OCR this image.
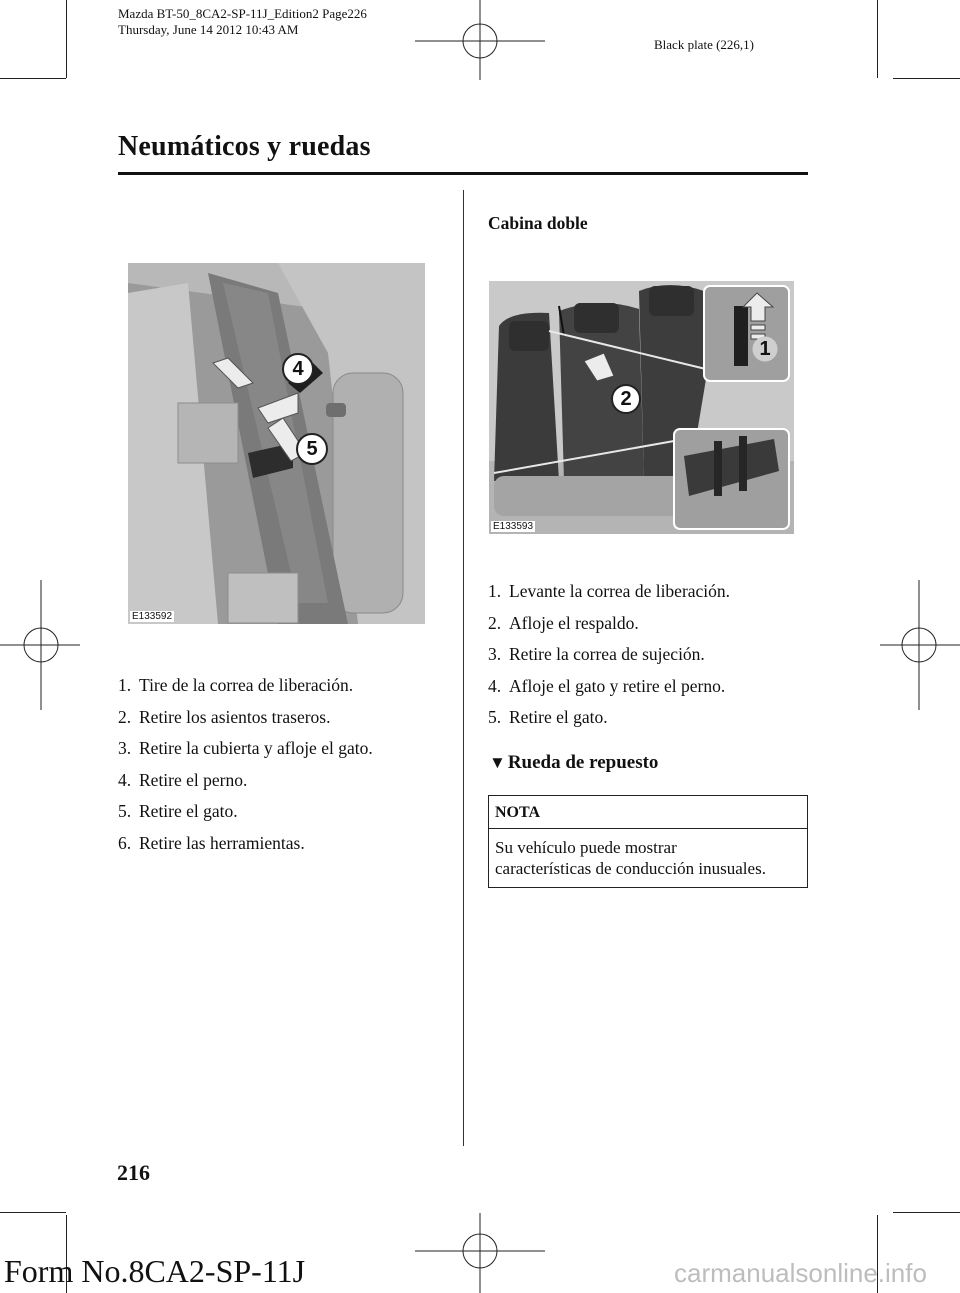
Mazda BT-50_8CA2-SP-11J_Edition2 Page226
Thursday, June 14 2012 10:43 AM
Black plate (226,1)
Neumáticos y ruedas
4
5
E133592
1. Tire de la correa de liberación.
2. Retire los asientos traseros.
3. Retire la cubierta y afloje el gato.
4. Retire el perno.
5. Retire el gato.
6. Retire las herramientas.
Cabina doble
1
2
E133593
1. Levante la correa de liberación.
2. Afloje el respaldo.
3. Retire la correa de sujeción.
4. Afloje el gato y retire el perno.
5. Retire el gato.
▼ Rueda de repuesto
NOTA
Su vehículo puede mostrar
características de conducción inusuales.
216
Form No.8CA2-SP-11J	carmanualsonline.info
